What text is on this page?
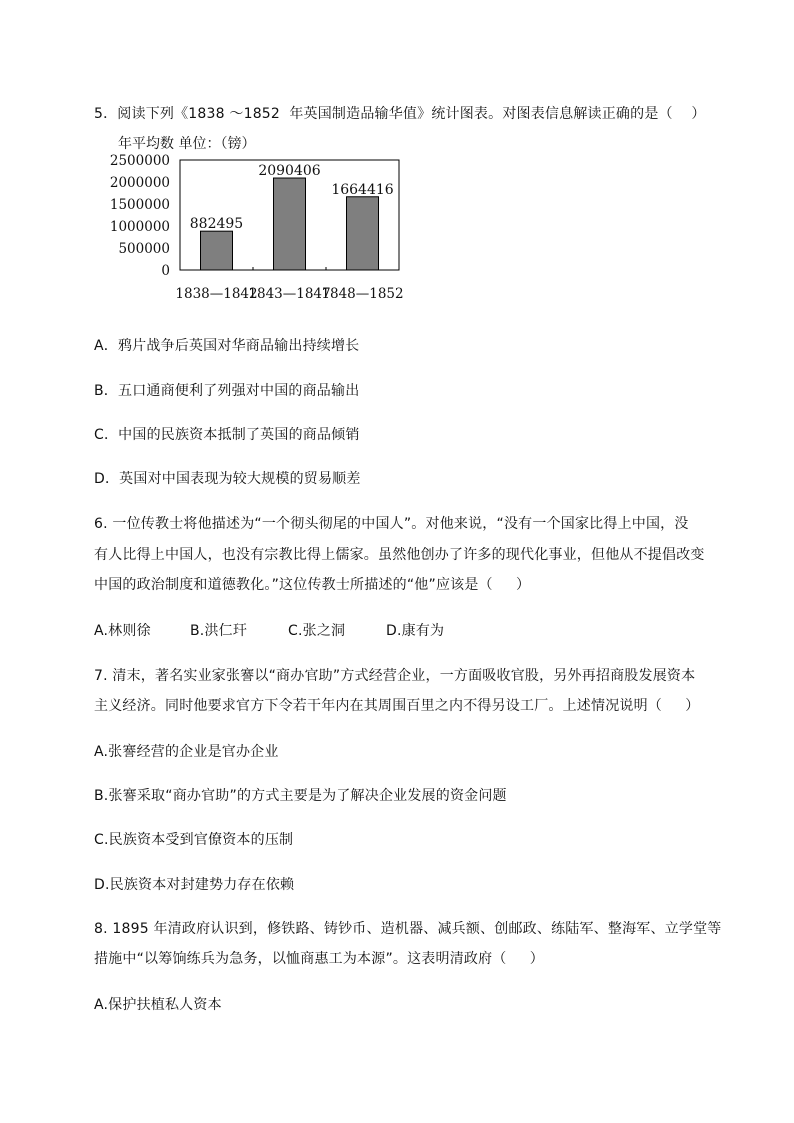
5．阅读下列《1838 ～1852  年英国制造品输华值》统计图表。对图表信息解读正确的是（    ）
年平均数 单位：（镑）
2500000
2000000
1500000
1000000
500000
0
882495
2090406
1664416
1838—1842
1843—1847
1848—1852
A．鸦片战争后英国对华商品输出持续增长
B．五口通商便利了列强对中国的商品输出
C．中国的民族资本抵制了英国的商品倾销
D．英国对中国表现为较大规模的贸易顺差
6. 一位传教士将他描述为“一个彻头彻尾的中国人”。对他来说，“没有一个国家比得上中国，没
有人比得上中国人，也没有宗教比得上儒家。虽然他创办了许多的现代化事业，但他从不提倡改变
中国的政治制度和道德教化。”这位传教士所描述的“他”应该是（     ）
A.林则徐	B.洪仁玕	C.张之洞	D.康有为
7. 清末，著名实业家张謇以“商办官助”方式经营企业，一方面吸收官股，另外再招商股发展资本
主义经济。同时他要求官方下令若干年内在其周围百里之内不得另设工厂。上述情况说明（     ）
A.张謇经营的企业是官办企业
B.张謇采取“商办官助”的方式主要是为了解决企业发展的资金问题
C.民族资本受到官僚资本的压制
D.民族资本对封建势力存在依赖
8. 1895 年清政府认识到，修铁路、铸钞币、造机器、减兵额、创邮政、练陆军、整海军、立学堂等
措施中“以筹饷练兵为急务，以恤商惠工为本源”。这表明清政府（     ）
A.保护扶植私人资本
